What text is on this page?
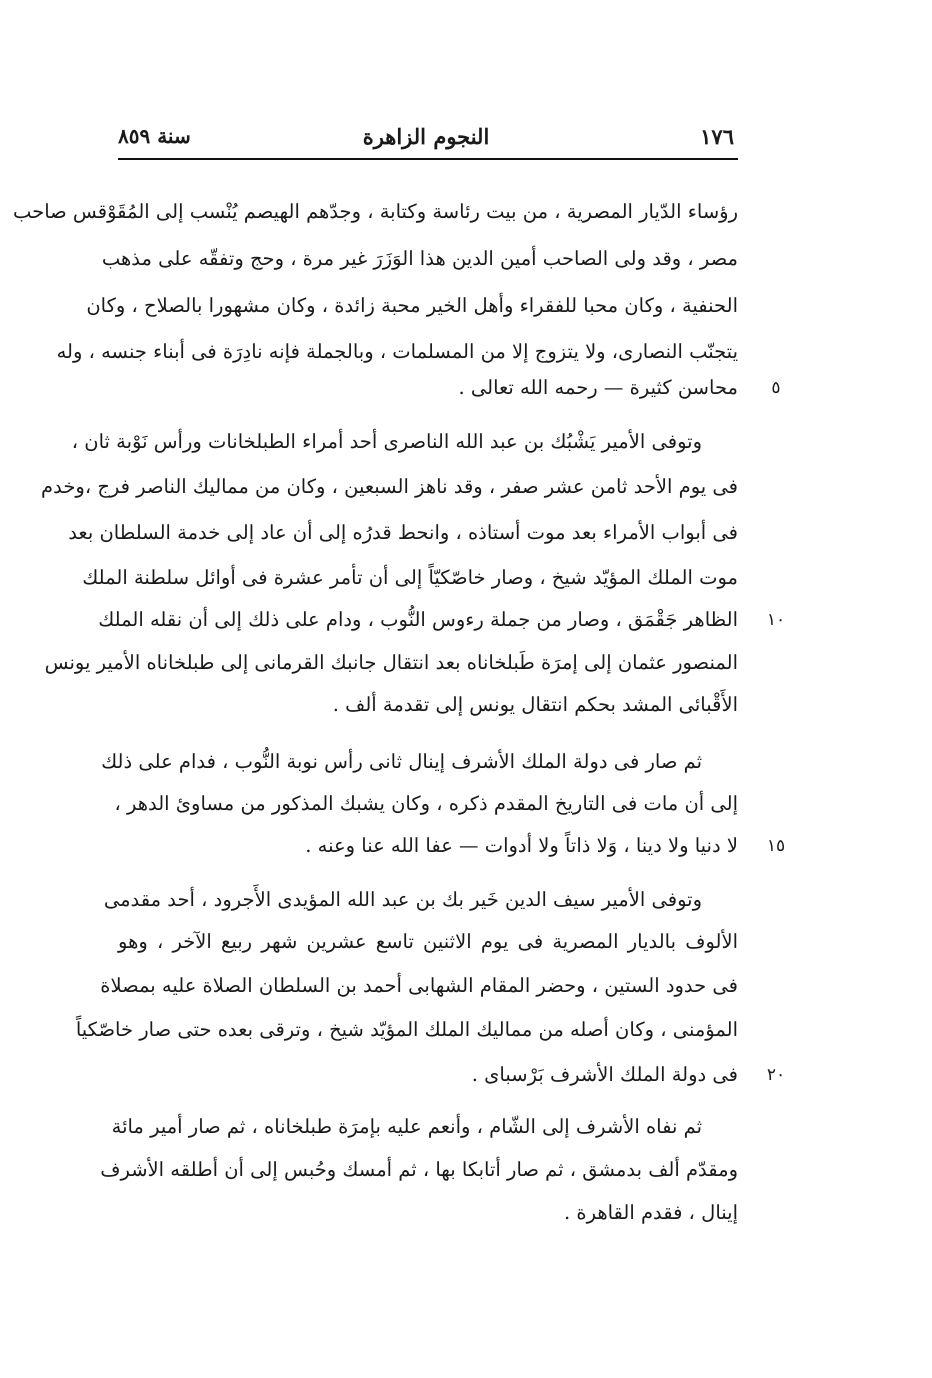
١٧٦
النجوم الزاهرة
سنة ٨٥٩
رؤساء الدّيار المصرية ، من بيت رئاسة وكتابة ، وجدّهم الهيصم يُنْسب إلى المُقَوْقس صاحب
مصر ، وقد ولى الصاحب أمين الدين هذا الوَزَرَ غير مرة ، وحج وتفقّه على مذهب
الحنفية ، وكان محبا للفقراء وأهل الخير محبة زائدة ، وكان مشهورا بالصلاح ، وكان
يتجنّب النصارى، ولا يتزوج إلا من المسلمات ، وبالجملة فإنه نادِرَة فى أبناء جنسه ، وله
محاسن كثيرة — رحمه الله تعالى .	٥
وتوفى الأمير يَشْبُك بن عبد الله الناصرى أحد أمراء الطبلخانات ورأس نَوْبة ثان ،
فى يوم الأحد ثامن عشر صفر ، وقد ناهز السبعين ، وكان من مماليك الناصر فرج ،وخدم
فى أبواب الأمراء بعد موت أستاذه ، وانحط قدرُه إلى أن عاد إلى خدمة السلطان بعد
موت الملك المؤيّد شيخ ، وصار خاصّكيّاً إلى أن تأمر عشرة فى أوائل سلطنة الملك
الظاهر جَقْمَق ، وصار من جملة رءوس النُّوب ، ودام على ذلك إلى أن نقله الملك	١٠
المنصور عثمان إلى إمرَة طَبلخاناه بعد انتقال جانبك القرمانى إلى طبلخاناه الأمير يونس
الأَقْبائى المشد بحكم انتقال يونس إلى تقدمة ألف .
ثم صار فى دولة الملك الأشرف إينال ثانى رأس نوبة النُّوب ، فدام على ذلك
إلى أن مات فى التاريخ المقدم ذكره ، وكان يشبك المذكور من مساوئ الدهر ،
لا دنيا ولا دينا ، وَلا ذاتاً ولا أدوات — عفا الله عنا وعنه .	١٥
وتوفى الأمير سيف الدين خَير بك بن عبد الله المؤيدى الأَجرود ، أحد مقدمى
الألوف بالديار المصرية فى يوم الاثنين تاسع عشرين شهر ربيع الآخر ، وهو
فى حدود الستين ، وحضر المقام الشهابى أحمد بن السلطان الصلاة عليه بمصلاة
المؤمنى ، وكان أصله من مماليك الملك المؤيّد شيخ ، وترقى بعده حتى صار خاصّكياً
فى دولة الملك الأشرف بَرْسباى .	٢٠
ثم نفاه الأشرف إلى الشّام ، وأنعم عليه بإمرَة طبلخاناه ، ثم صار أمير مائة
ومقدّم ألف بدمشق ، ثم صار أتابكا بها ، ثم أمسك وحُبس إلى أن أطلقه الأشرف
إينال ، فقدم القاهرة .
